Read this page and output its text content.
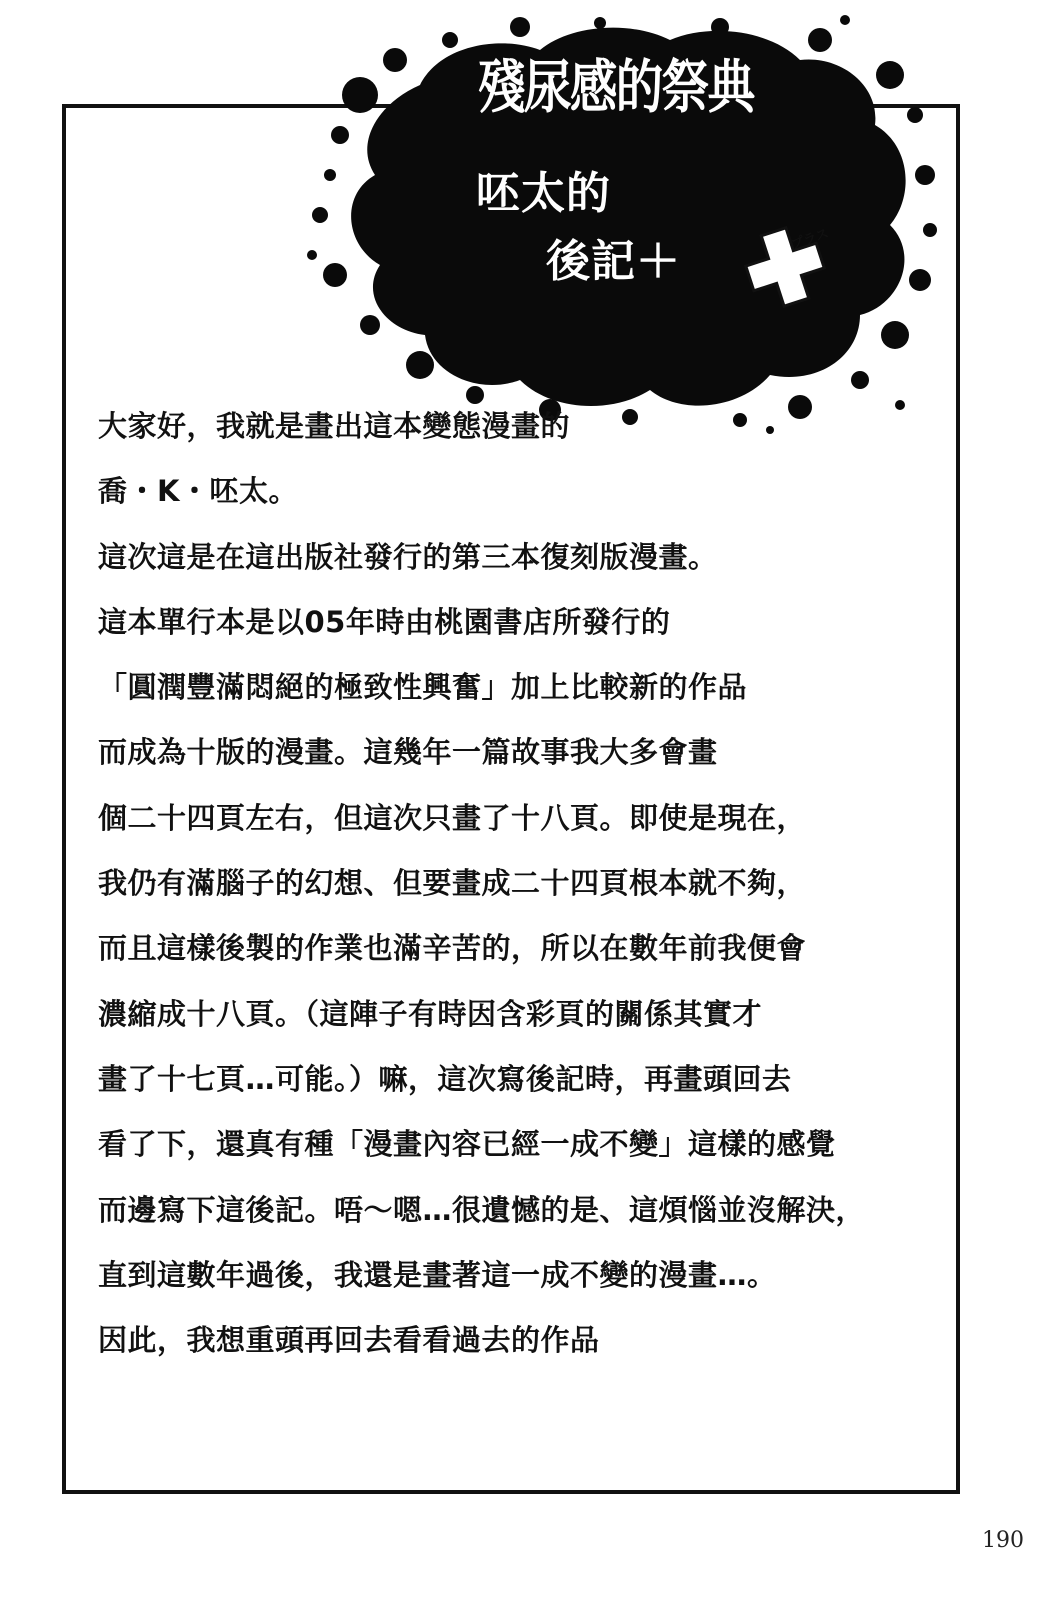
殘尿感的祭典
呸太的
後記＋	プラス
大家好，我就是畫出這本變態漫畫的
喬・K・呸太。
這次這是在這出版社發行的第三本復刻版漫畫。
這本單行本是以05年時由桃園書店所發行的
「圓潤豐滿悶絕的極致性興奮」加上比較新的作品
而成為十版的漫畫。這幾年一篇故事我大多會畫
個二十四頁左右，但這次只畫了十八頁。即使是現在，
我仍有滿腦子的幻想、但要畫成二十四頁根本就不夠，
而且這樣後製的作業也滿辛苦的，所以在數年前我便會
濃縮成十八頁。（這陣子有時因含彩頁的關係其實才
畫了十七頁…可能。）嘛，這次寫後記時，再畫頭回去
看了下，還真有種「漫畫內容已經一成不變」這樣的感覺
而邊寫下這後記。唔～嗯…很遺憾的是、這煩惱並沒解決，
直到這數年過後，我還是畫著這一成不變的漫畫…。
因此，我想重頭再回去看看過去的作品
190
